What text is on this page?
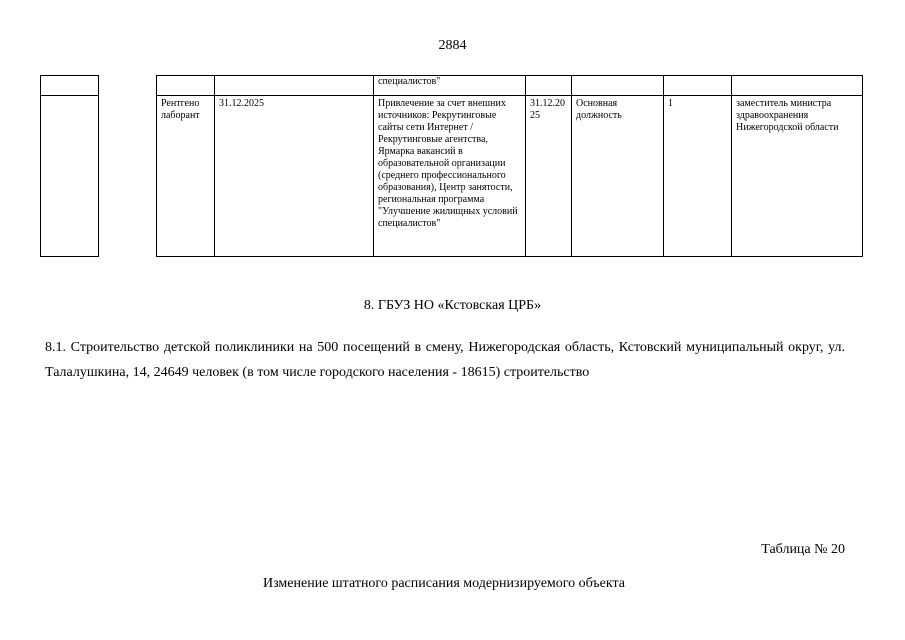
2884
				специалистов"				
		Рентгено лаборант	31.12.2025	Привлечение за счет внешних источников: Рекрутинговые сайты сети Интернет / Рекрутинговые агентства, Ярмарка вакансий в образовательной организации (среднего профессионального образования), Центр занятости, региональная программа "Улучшение жилищных условий специалистов"	31.12.2025	Основная должность	1	заместитель министра здравоохранения Нижегородской области
8. ГБУЗ НО «Кстовская ЦРБ»
8.1. Строительство детской поликлиники на 500 посещений в смену, Нижегородская область, Кстовский муниципальный округ, ул. Талалушкина, 14, 24649 человек (в том числе городского населения - 18615) строительство
Таблица № 20
Изменение штатного расписания модернизируемого объекта
